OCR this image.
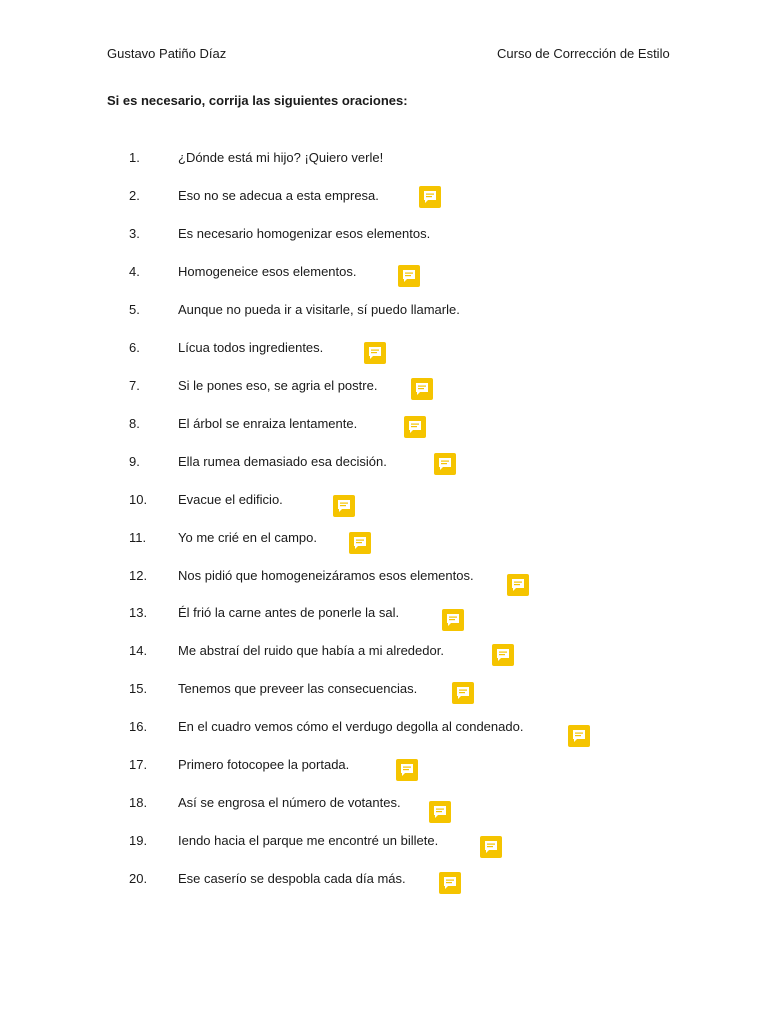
Gustavo Patiño Díaz	Curso de Corrección de Estilo
Si es necesario, corrija las siguientes oraciones:
1.	¿Dónde está mi hijo? ¡Quiero verle!
2.	Eso no se adecua a esta empresa.
3.	Es necesario homogenizar esos elementos.
4.	Homogeneice esos elementos.
5.	Aunque no pueda ir a visitarle, sí puedo llamarle.
6.	Lícua todos ingredientes.
7.	Si le pones eso, se agria el postre.
8.	El árbol se enraiza lentamente.
9.	Ella rumea demasiado esa decisión.
10.	Evacue el edificio.
11.	Yo me crié en el campo.
12.	Nos pidió que homogeneizáramos esos elementos.
13.	Él frió la carne antes de ponerle la sal.
14.	Me abstraí del ruido que había a mi alrededor.
15.	Tenemos que preveer las consecuencias.
16.	En el cuadro vemos cómo el verdugo degolla al condenado.
17.	Primero fotocopee la portada.
18.	Así se engrosa el número de votantes.
19.	Iendo hacia el parque me encontré un billete.
20.	Ese caserío se despobla cada día más.
